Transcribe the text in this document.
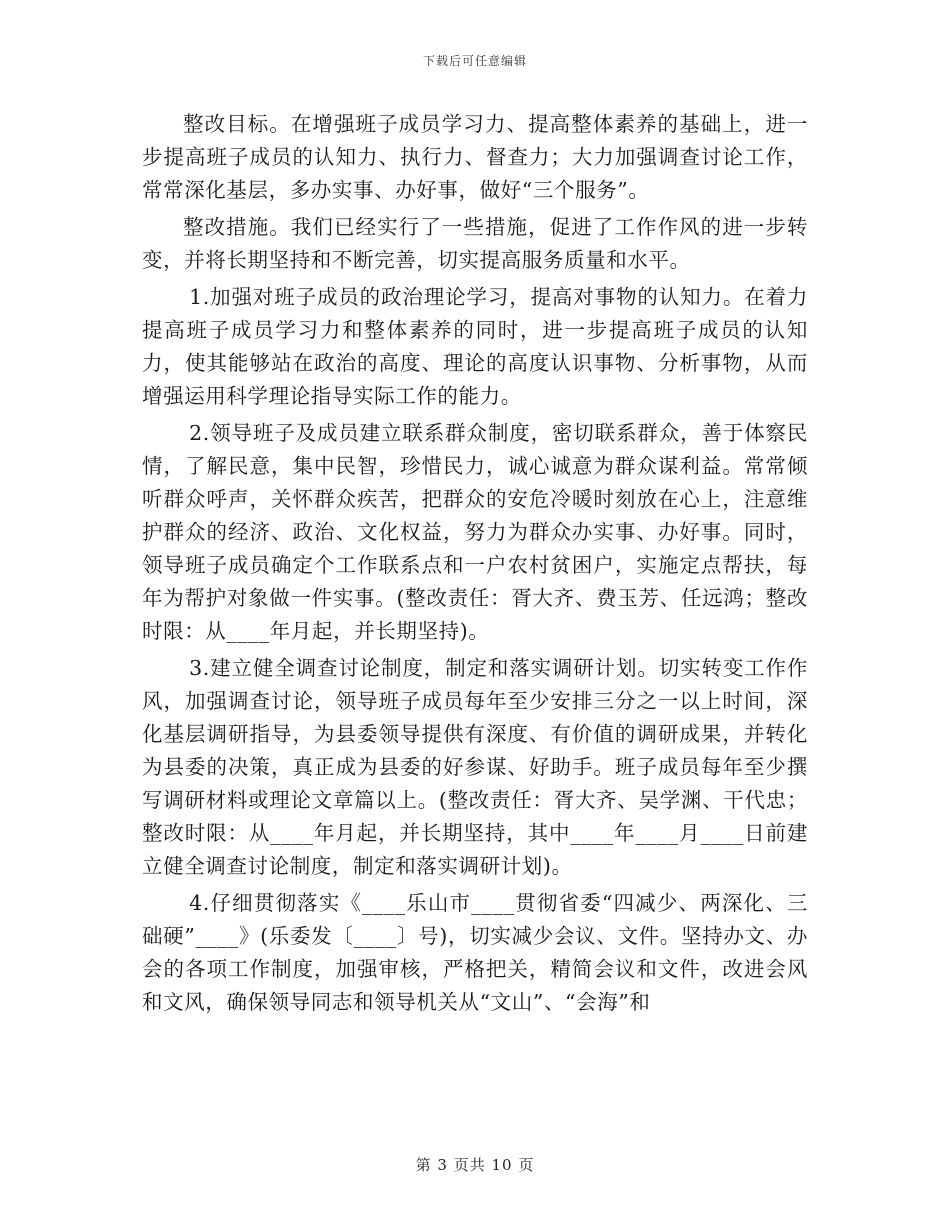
下载后可任意编辑

整改目标。在增强班子成员学习力、提高整体素养的基础上，进一步提高班子成员的认知力、执行力、督查力；大力加强调查讨论工作，常常深化基层，多办实事、办好事，做好“三个服务”。

整改措施。我们已经实行了一些措施，促进了工作作风的进一步转变，并将长期坚持和不断完善，切实提高服务质量和水平。

1.加强对班子成员的政治理论学习，提高对事物的认知力。在着力提高班子成员学习力和整体素养的同时，进一步提高班子成员的认知力，使其能够站在政治的高度、理论的高度认识事物、分析事物，从而增强运用科学理论指导实际工作的能力。

2.领导班子及成员建立联系群众制度，密切联系群众，善于体察民情，了解民意，集中民智，珍惜民力，诚心诚意为群众谋利益。常常倾听群众呼声，关怀群众疾苦，把群众的安危冷暖时刻放在心上，注意维护群众的经济、政治、文化权益，努力为群众办实事、办好事。同时，领导班子成员确定个工作联系点和一户农村贫困户，实施定点帮扶，每年为帮护对象做一件实事。(整改责任：胥大齐、费玉芳、任远鸿；整改时限：从____年月起，并长期坚持)。

3.建立健全调查讨论制度，制定和落实调研计划。切实转变工作作风，加强调查讨论，领导班子成员每年至少安排三分之一以上时间，深化基层调研指导，为县委领导提供有深度、有价值的调研成果，并转化为县委的决策，真正成为县委的好参谋、好助手。班子成员每年至少撰写调研材料或理论文章篇以上。(整改责任：胥大齐、吴学渊、干代忠；整改时限：从____年月起，并长期坚持，其中____年____月____日前建立健全调查讨论制度，制定和落实调研计划)。

4.仔细贯彻落实《____乐山市____贯彻省委“四减少、两深化、三础硬”____》(乐委发〔____〕号)，切实减少会议、文件。坚持办文、办会的各项工作制度，加强审核，严格把关，精简会议和文件，改进会风和文风，确保领导同志和领导机关从“文山”、“会海”和

第 3 页共 10 页
